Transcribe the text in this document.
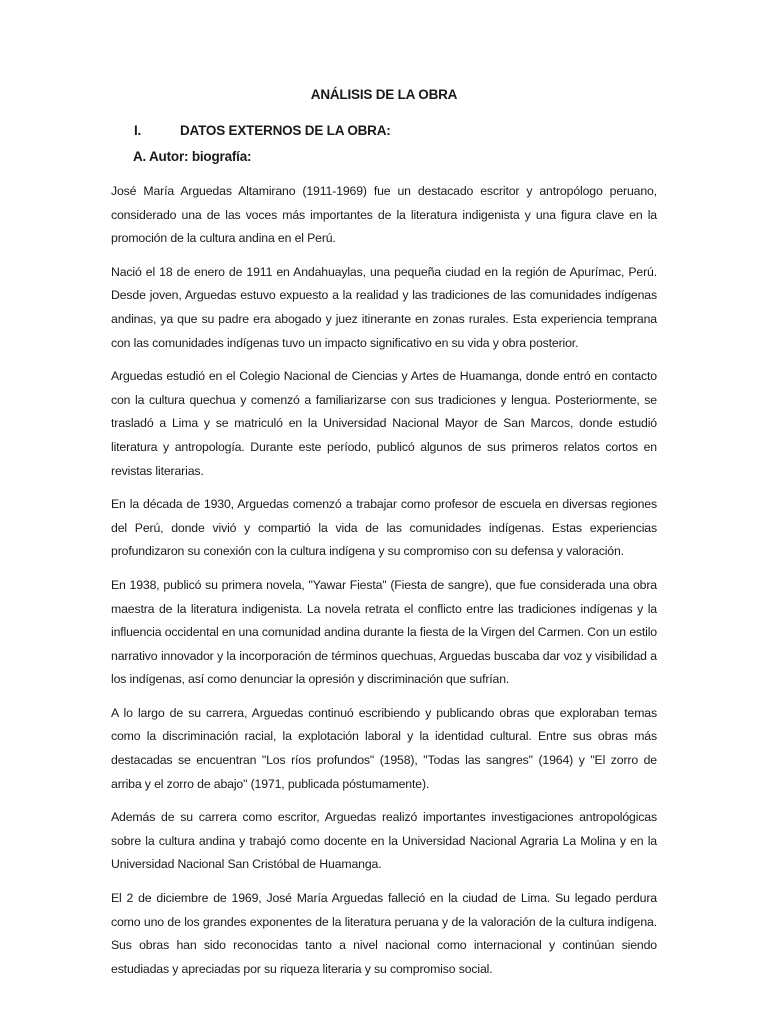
ANÁLISIS DE LA OBRA
I.	DATOS EXTERNOS DE LA OBRA:
A. Autor: biografía:

José María Arguedas Altamirano (1911-1969) fue un destacado escritor y antropólogo peruano, considerado una de las voces más importantes de la literatura indigenista y una figura clave en la promoción de la cultura andina en el Perú.

Nació el 18 de enero de 1911 en Andahuaylas, una pequeña ciudad en la región de Apurímac, Perú. Desde joven, Arguedas estuvo expuesto a la realidad y las tradiciones de las comunidades indígenas andinas, ya que su padre era abogado y juez itinerante en zonas rurales. Esta experiencia temprana con las comunidades indígenas tuvo un impacto significativo en su vida y obra posterior.

Arguedas estudió en el Colegio Nacional de Ciencias y Artes de Huamanga, donde entró en contacto con la cultura quechua y comenzó a familiarizarse con sus tradiciones y lengua. Posteriormente, se trasladó a Lima y se matriculó en la Universidad Nacional Mayor de San Marcos, donde estudió literatura y antropología. Durante este período, publicó algunos de sus primeros relatos cortos en revistas literarias.

En la década de 1930, Arguedas comenzó a trabajar como profesor de escuela en diversas regiones del Perú, donde vivió y compartió la vida de las comunidades indígenas. Estas experiencias profundizaron su conexión con la cultura indígena y su compromiso con su defensa y valoración.

En 1938, publicó su primera novela, "Yawar Fiesta" (Fiesta de sangre), que fue considerada una obra maestra de la literatura indigenista. La novela retrata el conflicto entre las tradiciones indígenas y la influencia occidental en una comunidad andina durante la fiesta de la Virgen del Carmen. Con un estilo narrativo innovador y la incorporación de términos quechuas, Arguedas buscaba dar voz y visibilidad a los indígenas, así como denunciar la opresión y discriminación que sufrían.

A lo largo de su carrera, Arguedas continuó escribiendo y publicando obras que exploraban temas como la discriminación racial, la explotación laboral y la identidad cultural. Entre sus obras más destacadas se encuentran "Los ríos profundos" (1958), "Todas las sangres" (1964) y "El zorro de arriba y el zorro de abajo" (1971, publicada póstumamente).

Además de su carrera como escritor, Arguedas realizó importantes investigaciones antropológicas sobre la cultura andina y trabajó como docente en la Universidad Nacional Agraria La Molina y en la Universidad Nacional San Cristóbal de Huamanga.

El 2 de diciembre de 1969, José María Arguedas falleció en la ciudad de Lima. Su legado perdura como uno de los grandes exponentes de la literatura peruana y de la valoración de la cultura indígena. Sus obras han sido reconocidas tanto a nivel nacional como internacional y continúan siendo estudiadas y apreciadas por su riqueza literaria y su compromiso social.
